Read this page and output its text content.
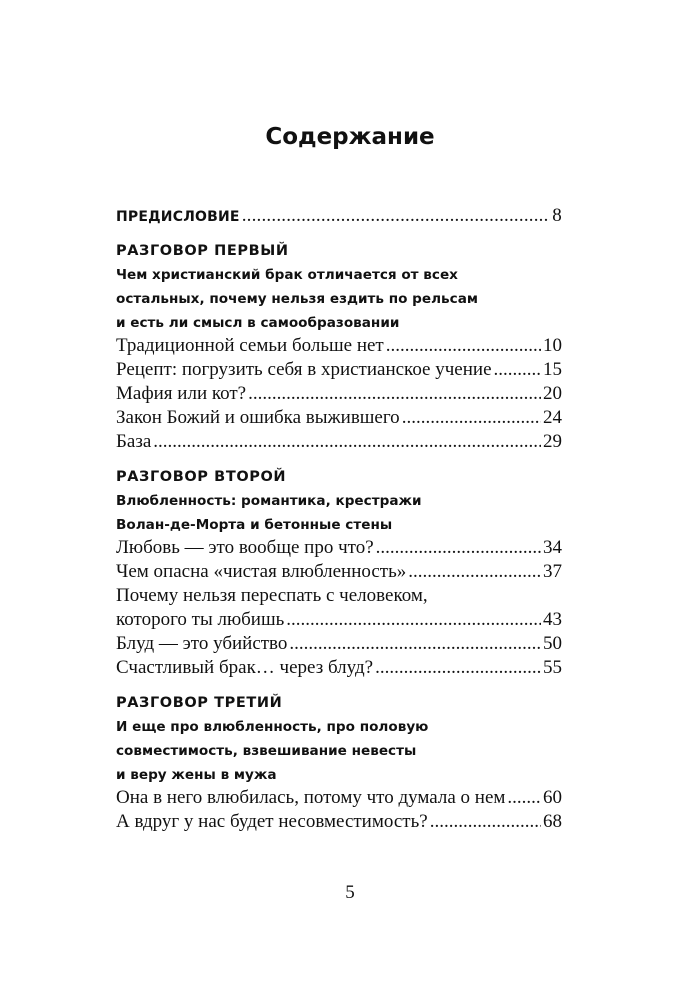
Содержание
ПРЕДИСЛОВИЕ .....	8
РАЗГОВОР ПЕРВЫЙ
Чем христианский брак отличается от всех
остальных, почему нельзя ездить по рельсам
и есть ли смысл в самообразовании
Традиционной семьи больше нет .....	10
Рецепт: погрузить себя в христианское учение .....	15
Мафия или кот? .....	20
Закон Божий и ошибка выжившего .....	24
База .....	29
РАЗГОВОР ВТОРОЙ
Влюбленность: романтика, крестражи
Волан-де-Морта и бетонные стены
Любовь — это вообще про что? .....	34
Чем опасна «чистая влюбленность» .....	37
Почему нельзя переспать с человеком,
которого ты любишь .....	43
Блуд — это убийство .....	50
Счастливый брак… через блуд? .....	55
РАЗГОВОР ТРЕТИЙ
И еще про влюбленность, про половую
совместимость, взвешивание невесты
и веру жены в мужа
Она в него влюбилась, потому что думала о нем ..... 60
А вдруг у нас будет несовместимость? .....	68
5
